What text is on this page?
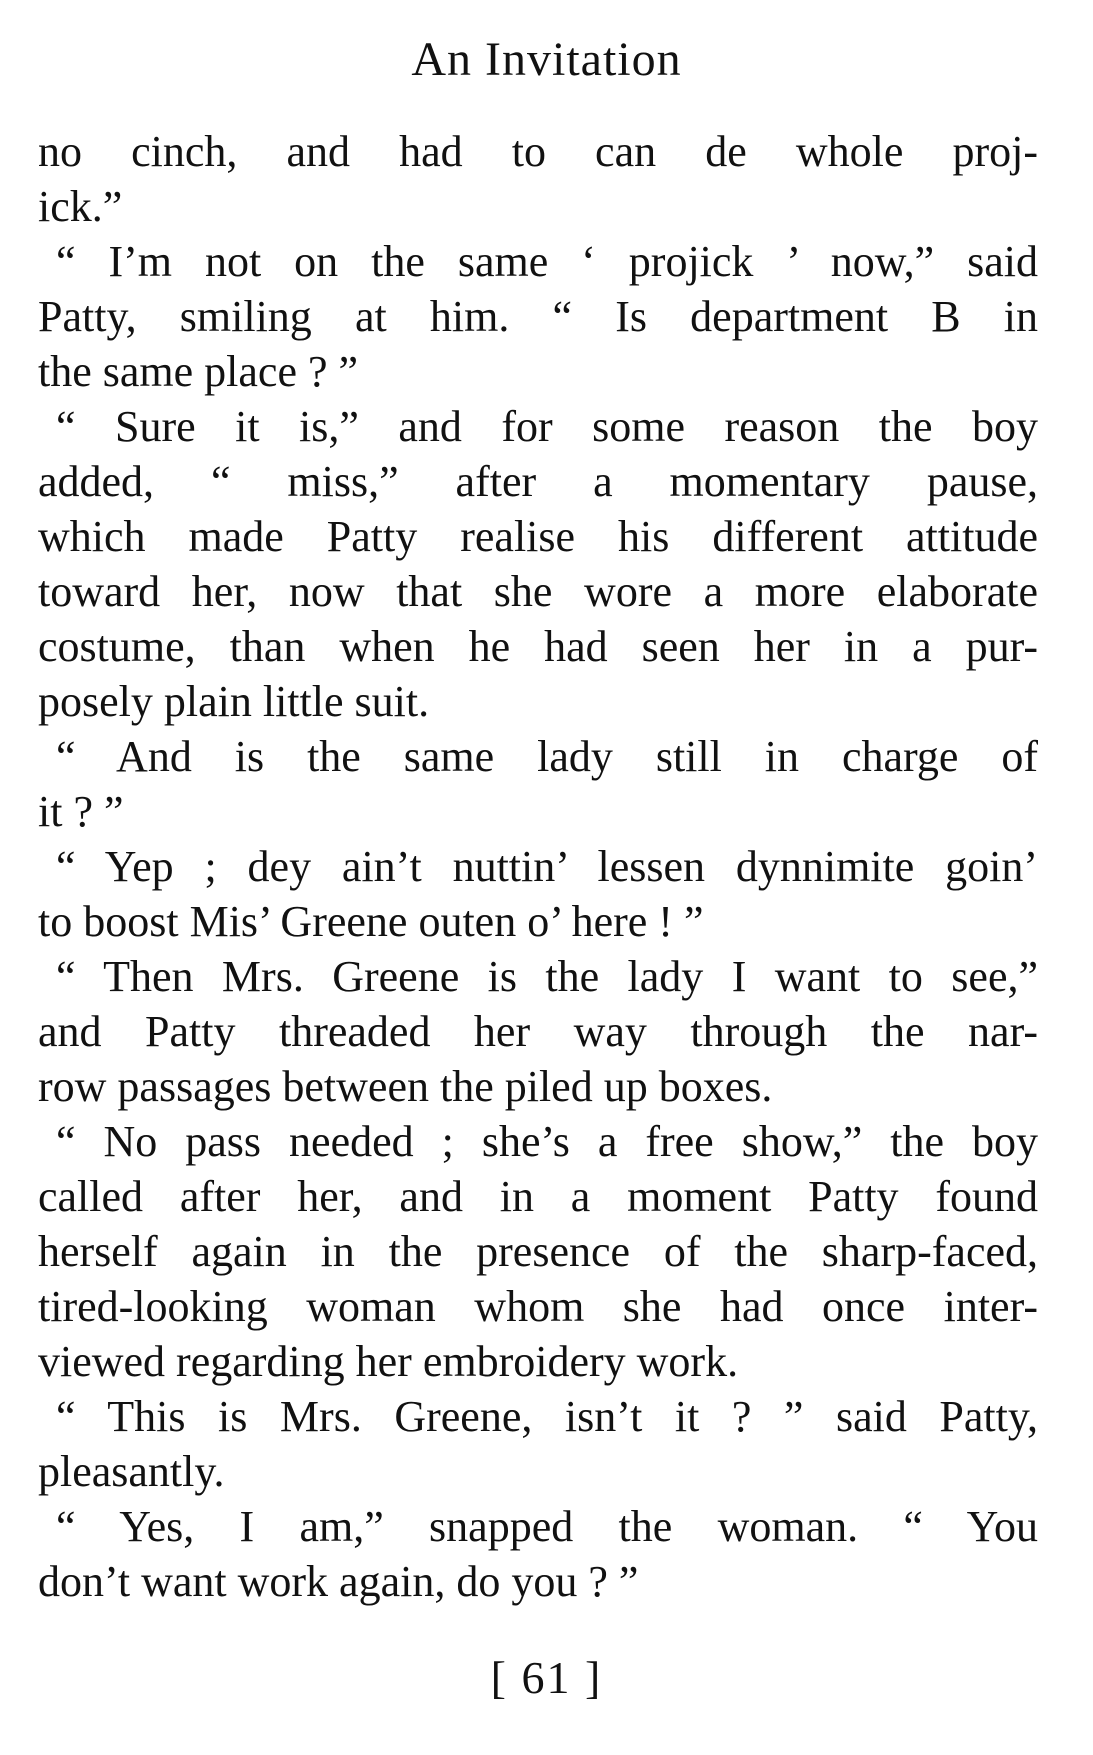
An Invitation
no cinch, and had to can de whole proj-
ick.”
“ I’m not on the same ‘ projick ’ now,” said
Patty, smiling at him. “ Is department B in
the same place ? ”
“ Sure it is,” and for some reason the boy
added, “ miss,” after a momentary pause,
which made Patty realise his different attitude
toward her, now that she wore a more elaborate
costume, than when he had seen her in a pur-
posely plain little suit.
“ And is the same lady still in charge of
it ? ”
“ Yep ; dey ain’t nuttin’ lessen dynnimite goin’
to boost Mis’ Greene outen o’ here ! ”
“ Then Mrs. Greene is the lady I want to see,”
and Patty threaded her way through the nar-
row passages between the piled up boxes.
“ No pass needed ; she’s a free show,” the boy
called after her, and in a moment Patty found
herself again in the presence of the sharp-faced,
tired-looking woman whom she had once inter-
viewed regarding her embroidery work.
“ This is Mrs. Greene, isn’t it ? ” said Patty,
pleasantly.
“ Yes, I am,” snapped the woman. “ You
don’t want work again, do you ? ”
[ 61 ]
